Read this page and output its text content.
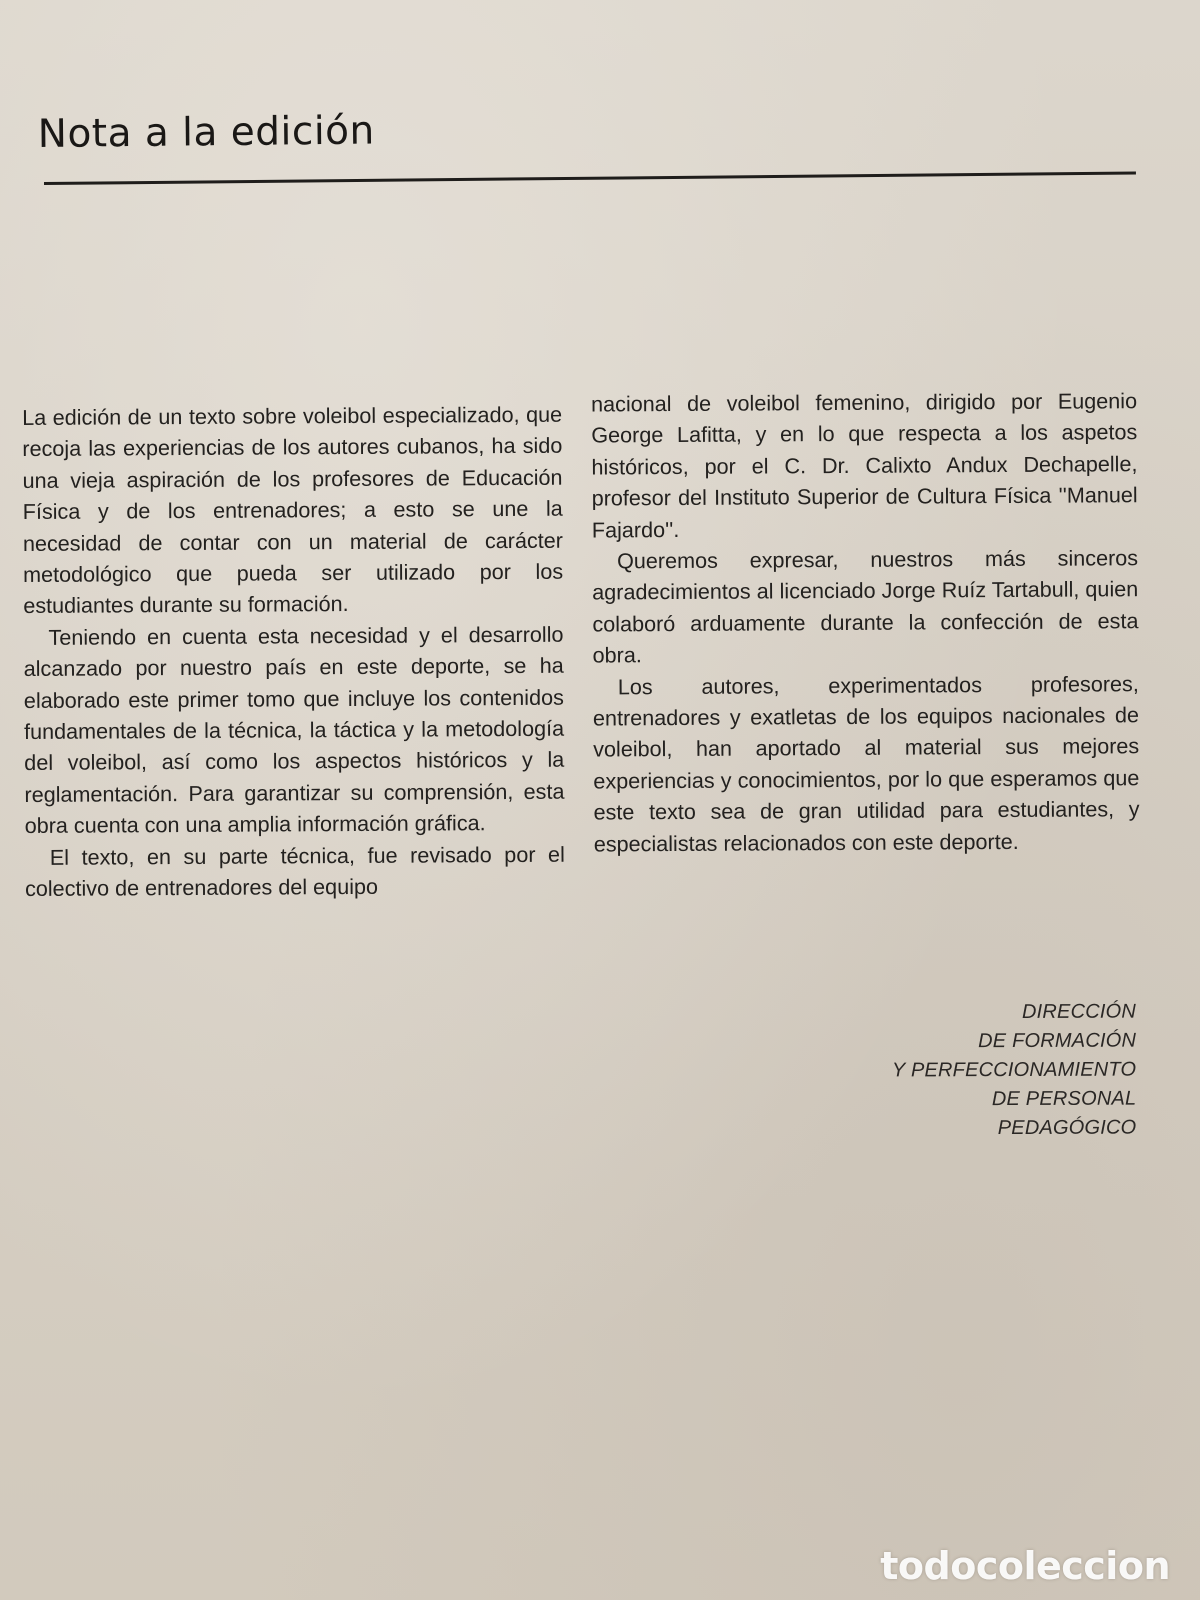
Nota a la edición

La edición de un texto sobre voleibol especializado, que recoja las experiencias de los autores cubanos, ha sido una vieja aspiración de los profesores de Educación Física y de los entrenadores; a esto se une la necesidad de contar con un material de carácter metodológico que pueda ser utilizado por los estudiantes durante su formación.

Teniendo en cuenta esta necesidad y el desarrollo alcanzado por nuestro país en este deporte, se ha elaborado este primer tomo que incluye los contenidos fundamentales de la técnica, la táctica y la metodología del voleibol, así como los aspectos históricos y la reglamentación. Para garantizar su comprensión, esta obra cuenta con una amplia información gráfica.

El texto, en su parte técnica, fue revisado por el colectivo de entrenadores del equipo

nacional de voleibol femenino, dirigido por Eugenio George Lafitta, y en lo que respecta a los aspetos históricos, por el C. Dr. Calixto Andux Dechapelle, profesor del Instituto Superior de Cultura Física ''Manuel Fajardo''.

Queremos expresar, nuestros más sinceros agradecimientos al licenciado Jorge Ruíz Tartabull, quien colaboró arduamente durante la confección de esta obra.

Los autores, experimentados profesores, entrenadores y exatletas de los equipos nacionales de voleibol, han aportado al material sus mejores experiencias y conocimientos, por lo que esperamos que este texto sea de gran utilidad para estudiantes, y especialistas relacionados con este deporte.

DIRECCIÓN
DE FORMACIÓN
Y PERFECCIONAMIENTO
DE PERSONAL
PEDAGÓGICO
todocoleccion
